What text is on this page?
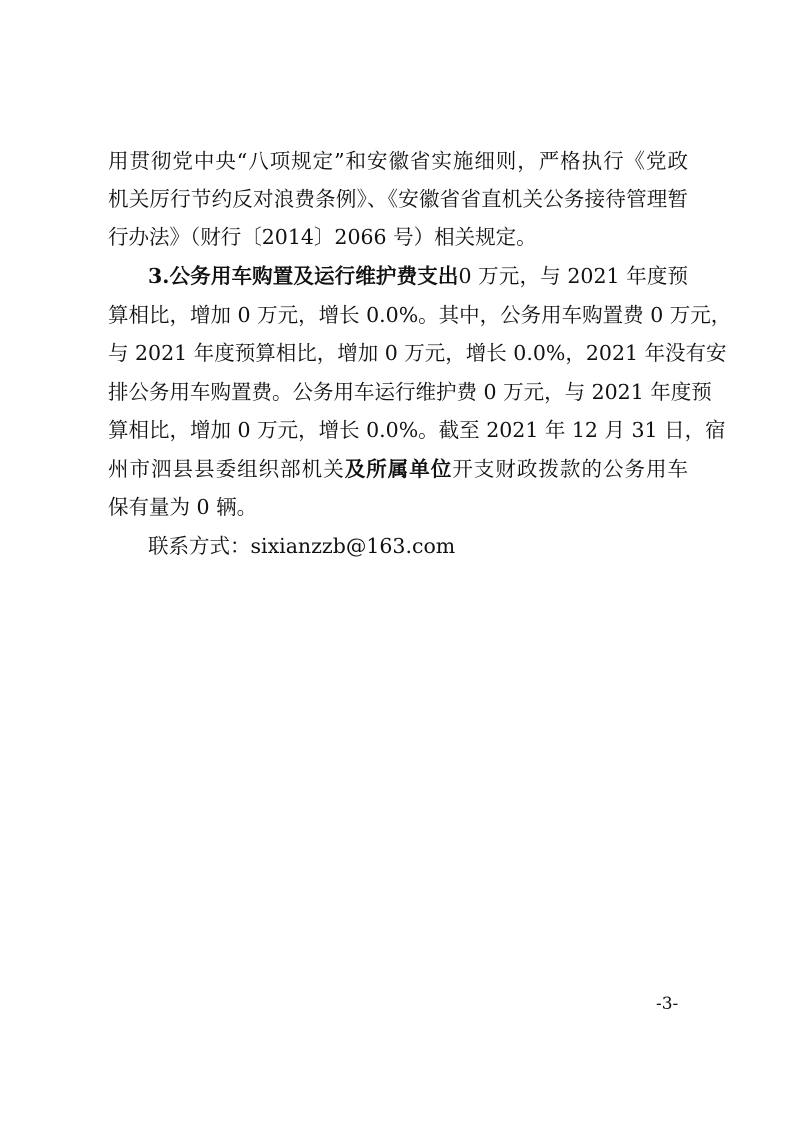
用贯彻党中央“八项规定”和安徽省实施细则，严格执行《党政
机关厉行节约反对浪费条例》、《安徽省省直机关公务接待管理暂
行办法》（财行〔2014〕2066 号）相关规定。
3.公务用车购置及运行维护费支出0 万元，与 2021 年度预
算相比，增加 0 万元，增长 0.0%。其中，公务用车购置费 0 万元，
与 2021 年度预算相比，增加 0 万元，增长 0.0%，2021 年没有安
排公务用车购置费。公务用车运行维护费 0 万元，与 2021 年度预
算相比，增加 0 万元，增长 0.0%。截至 2021 年 12 月 31 日，宿
州市泗县县委组织部机关及所属单位开支财政拨款的公务用车
保有量为 0 辆。
联系方式：sixianzzb@163.com
-3-
